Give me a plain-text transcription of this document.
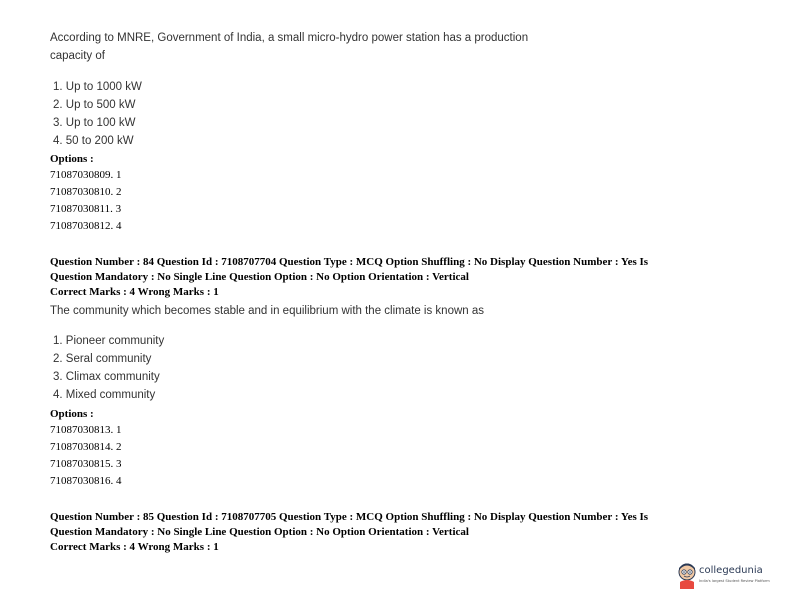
According to MNRE, Government of India, a small micro-hydro power station has a production
capacity of
1. Up to 1000 kW
2. Up to 500 kW
3. Up to 100 kW
4. 50 to 200 kW
Options :
71087030809. 1
71087030810. 2
71087030811. 3
71087030812. 4
Question Number : 84 Question Id : 7108707704 Question Type : MCQ Option Shuffling : No Display Question Number : Yes Is
Question Mandatory : No Single Line Question Option : No Option Orientation : Vertical
Correct Marks : 4 Wrong Marks : 1
The community which becomes stable and in equilibrium with the climate is known as
1. Pioneer community
2. Seral community
3. Climax community
4. Mixed community
Options :
71087030813. 1
71087030814. 2
71087030815. 3
71087030816. 4
Question Number : 85 Question Id : 7108707705 Question Type : MCQ Option Shuffling : No Display Question Number : Yes Is
Question Mandatory : No Single Line Question Option : No Option Orientation : Vertical
Correct Marks : 4 Wrong Marks : 1
collegedunia
India's largest Student Review Platform
